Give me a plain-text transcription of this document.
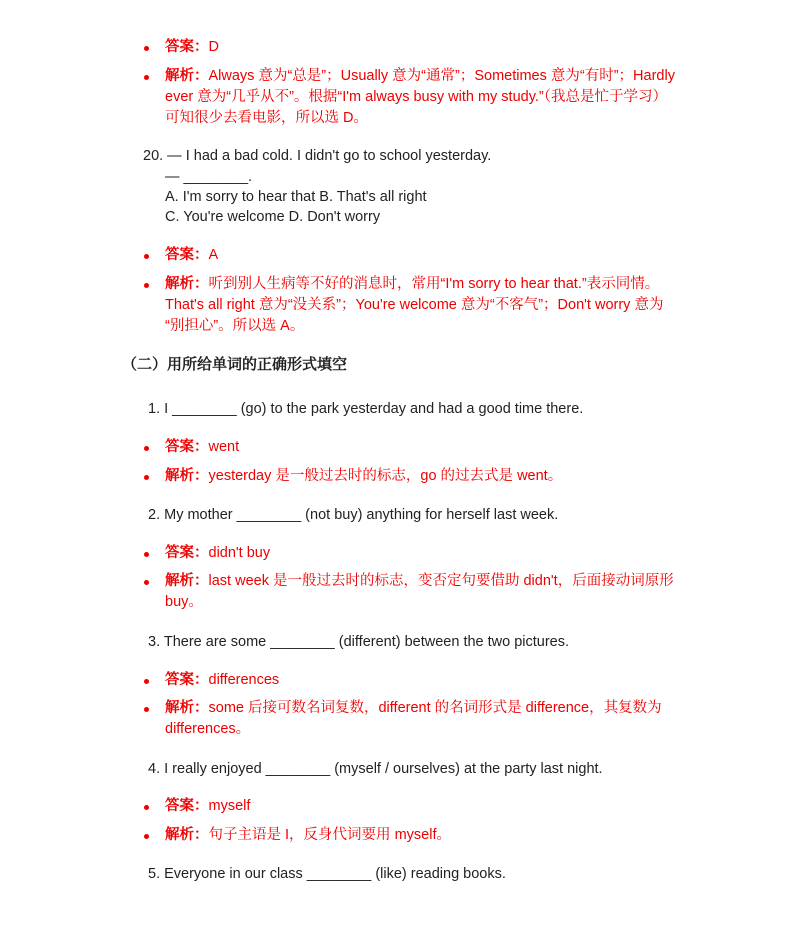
答案：D
解析：Always 意为“总是”；Usually 意为“通常”；Sometimes 意为“有时”；Hardly
ever 意为“几乎从不”。根据“I'm always busy with my study.”（我总是忙于学习）
可知很少去看电影，所以选 D。
20. — I had a bad cold. I didn't go to school yesterday.
— ________.
A. I'm sorry to hear that B. That's all right
C. You're welcome D. Don't worry
答案：A
解析：听到别人生病等不好的消息时，常用“I'm sorry to hear that.”表示同情。
That's all right 意为“没关系”；You're welcome 意为“不客气”；Don't worry 意为
“别担心”。所以选 A。
（二）用所给单词的正确形式填空
1. I ________ (go) to the park yesterday and had a good time there.
答案：went
解析：yesterday 是一般过去时的标志，go 的过去式是 went。
2. My mother ________ (not buy) anything for herself last week.
答案：didn't buy
解析：last week 是一般过去时的标志，变否定句要借助 didn't，后面接动词原形
buy。
3. There are some ________ (different) between the two pictures.
答案：differences
解析：some 后接可数名词复数，different 的名词形式是 difference，其复数为
differences。
4. I really enjoyed ________ (myself / ourselves) at the party last night.
答案：myself
解析：句子主语是 I，反身代词要用 myself。
5. Everyone in our class ________ (like) reading books.
